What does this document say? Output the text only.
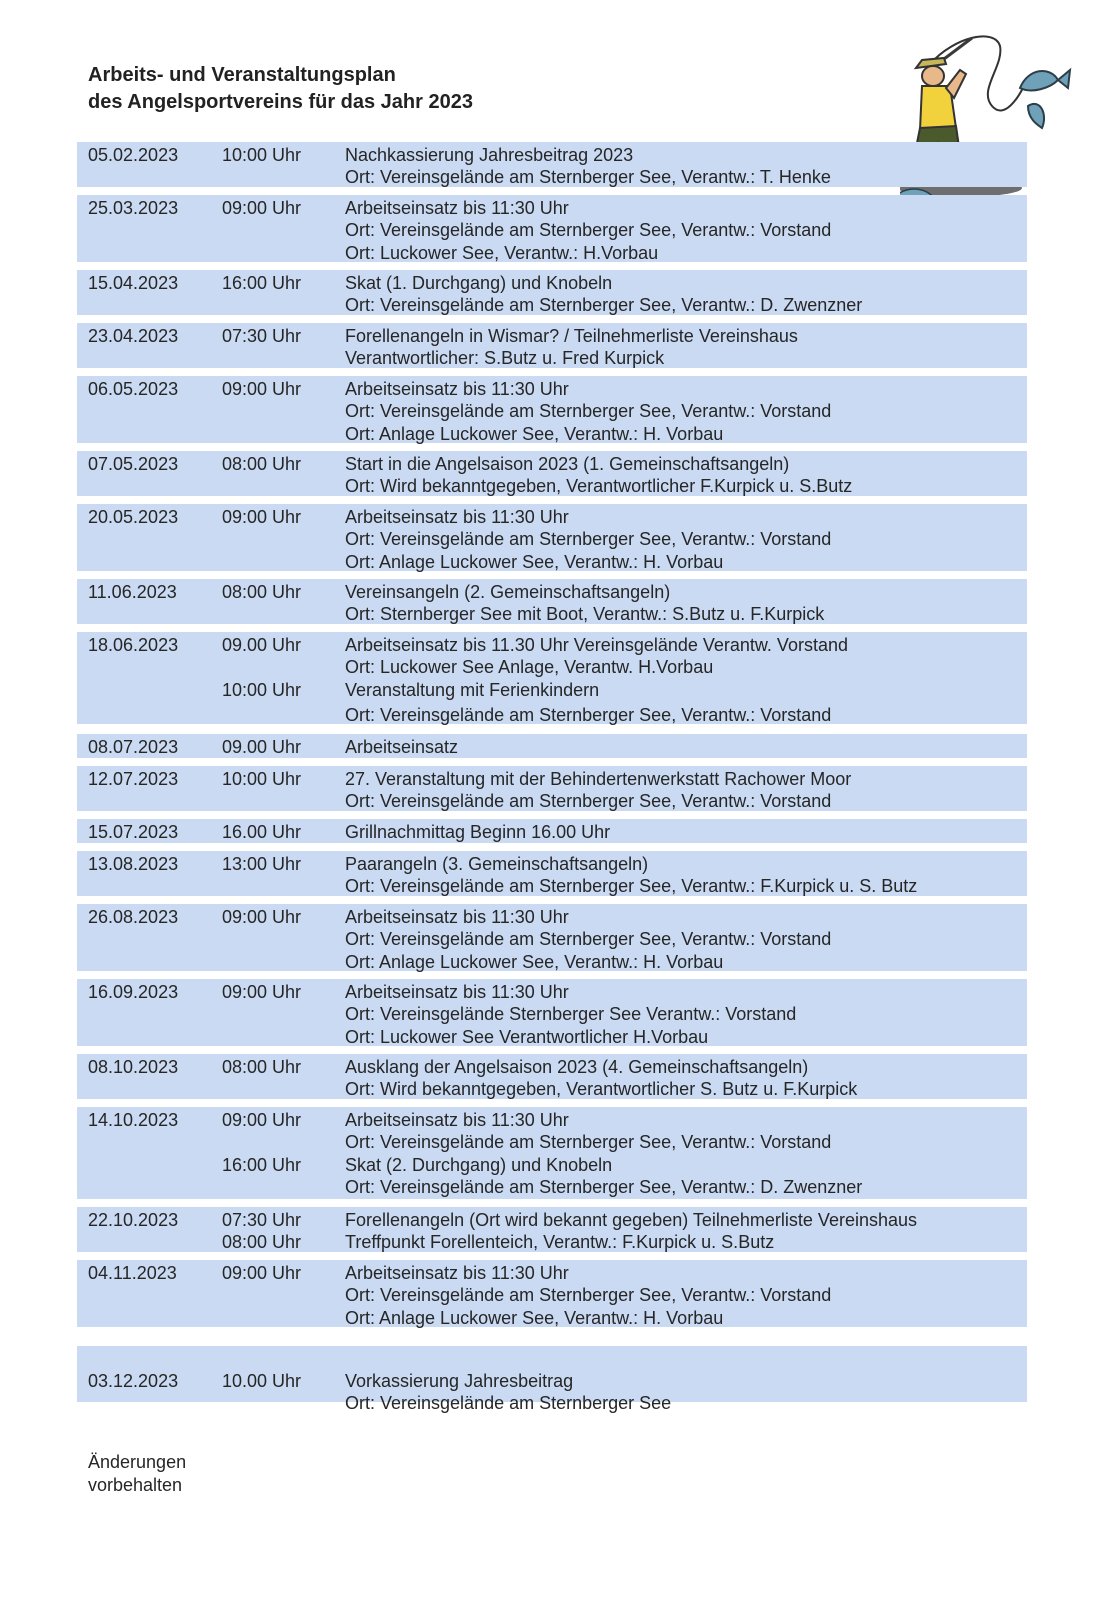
Arbeits- und Veranstaltungsplan
des Angelsportvereins für das Jahr 2023
05.02.2023 10:00 Uhr Nachkassierung Jahresbeitrag 2023
Ort: Vereinsgelände am Sternberger See, Verantw.: T. Henke
25.03.2023 09:00 Uhr Arbeitseinsatz bis 11:30 Uhr
Ort: Vereinsgelände am Sternberger See, Verantw.: Vorstand
Ort: Luckower See, Verantw.: H.Vorbau
15.04.2023 16:00 Uhr Skat (1. Durchgang) und Knobeln
Ort: Vereinsgelände am Sternberger See, Verantw.: D. Zwenzner
23.04.2023 07:30 Uhr Forellenangeln in Wismar? / Teilnehmerliste Vereinshaus
Verantwortlicher: S.Butz u. Fred Kurpick
06.05.2023 09:00 Uhr Arbeitseinsatz bis 11:30 Uhr
Ort: Vereinsgelände am Sternberger See, Verantw.: Vorstand
Ort: Anlage Luckower See, Verantw.: H. Vorbau
07.05.2023 08:00 Uhr Start in die Angelsaison 2023 (1. Gemeinschaftsangeln)
Ort: Wird bekanntgegeben, Verantwortlicher F.Kurpick u. S.Butz
20.05.2023 09:00 Uhr Arbeitseinsatz bis 11:30 Uhr
Ort: Vereinsgelände am Sternberger See, Verantw.: Vorstand
Ort: Anlage Luckower See, Verantw.: H. Vorbau
11.06.2023	08:00 Uhr Vereinsangeln (2. Gemeinschaftsangeln)
Ort: Sternberger See mit Boot, Verantw.: S.Butz u. F.Kurpick
18.06.2023 09.00 Uhr
10:00 Uhr
Arbeitseinsatz bis 11.30 Uhr Vereinsgelände Verantw. Vorstand
Ort: Luckower See Anlage, Verantw. H.Vorbau
Veranstaltung mit Ferienkindern
Ort: Vereinsgelände am Sternberger See, Verantw.: Vorstand
08.07.2023 09.00 Uhr Arbeitseinsatz
12.07.2023 10:00 Uhr 27. Veranstaltung mit der Behindertenwerkstatt Rachower Moor
Ort: Vereinsgelände am Sternberger See, Verantw.: Vorstand
15.07.2023 16.00 Uhr Grillnachmittag Beginn 16.00 Uhr
13.08.2023 13:00 Uhr Paarangeln (3. Gemeinschaftsangeln)
Ort: Vereinsgelände am Sternberger See, Verantw.: F.Kurpick u. S. Butz
26.08.2023 09:00 Uhr Arbeitseinsatz bis 11:30 Uhr
Ort: Vereinsgelände am Sternberger See, Verantw.: Vorstand
Ort: Anlage Luckower See, Verantw.: H. Vorbau
16.09.2023 09:00 Uhr Arbeitseinsatz bis 11:30 Uhr
Ort: Vereinsgelände Sternberger See Verantw.: Vorstand
Ort: Luckower See Verantwortlicher H.Vorbau
08.10.2023 08:00 Uhr Ausklang der Angelsaison 2023 (4. Gemeinschaftsangeln)
Ort: Wird bekanntgegeben, Verantwortlicher S. Butz u. F.Kurpick
14.10.2023 09:00 Uhr
16:00 Uhr
Arbeitseinsatz bis 11:30 Uhr
Ort: Vereinsgelände am Sternberger See, Verantw.: Vorstand
Skat (2. Durchgang) und Knobeln
Ort: Vereinsgelände am Sternberger See, Verantw.: D. Zwenzner
22.10.2023 07:30 Uhr
08:00 Uhr
Forellenangeln (Ort wird bekannt gegeben) Teilnehmerliste Vereinshaus
Treffpunkt Forellenteich, Verantw.: F.Kurpick u. S.Butz
04.11.2023	09:00 Uhr Arbeitseinsatz bis 11:30 Uhr
Ort: Vereinsgelände am Sternberger See, Verantw.: Vorstand
Ort: Anlage Luckower See, Verantw.: H. Vorbau
03.12.2023 10.00 Uhr Vorkassierung Jahresbeitrag
Ort: Vereinsgelände am Sternberger See
Änderungen
vorbehalten
